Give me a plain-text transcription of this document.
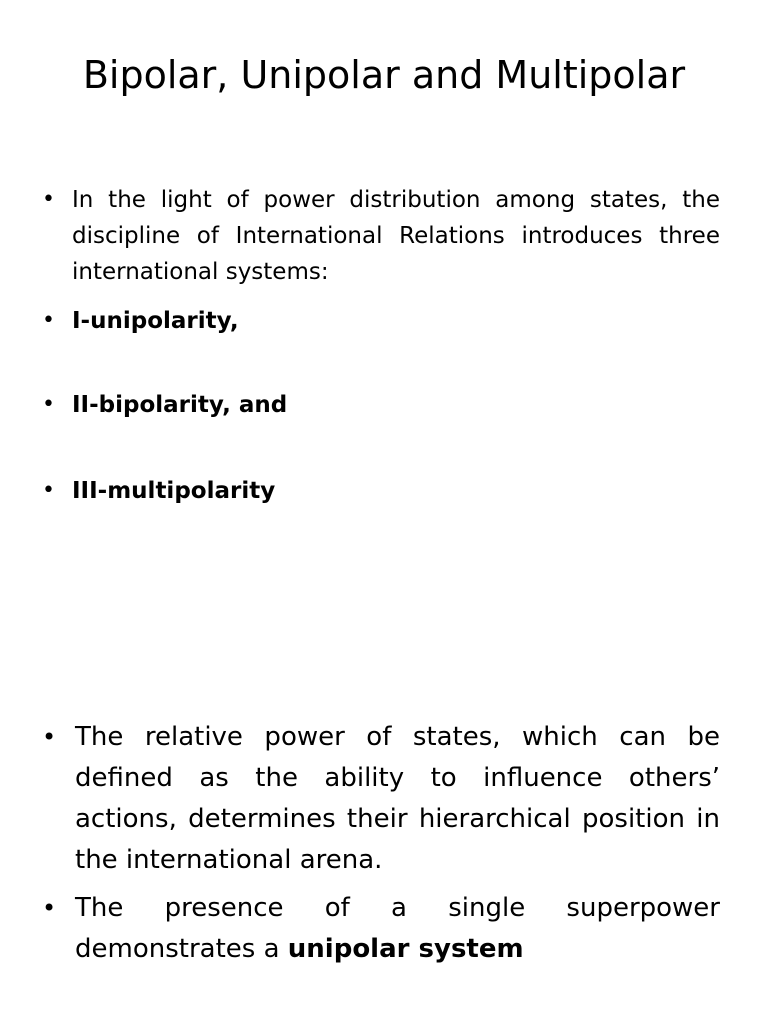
Bipolar, Unipolar and Multipolar
• In the light of power distribution among states, the discipline of International Relations introduces three international systems:
• I-unipolarity,
• II-bipolarity, and
• III-multipolarity
• The relative power of states, which can be defined as the ability to influence others’ actions, determines their hierarchical position in the international arena.
• The presence of a single superpower demonstrates a unipolar system
